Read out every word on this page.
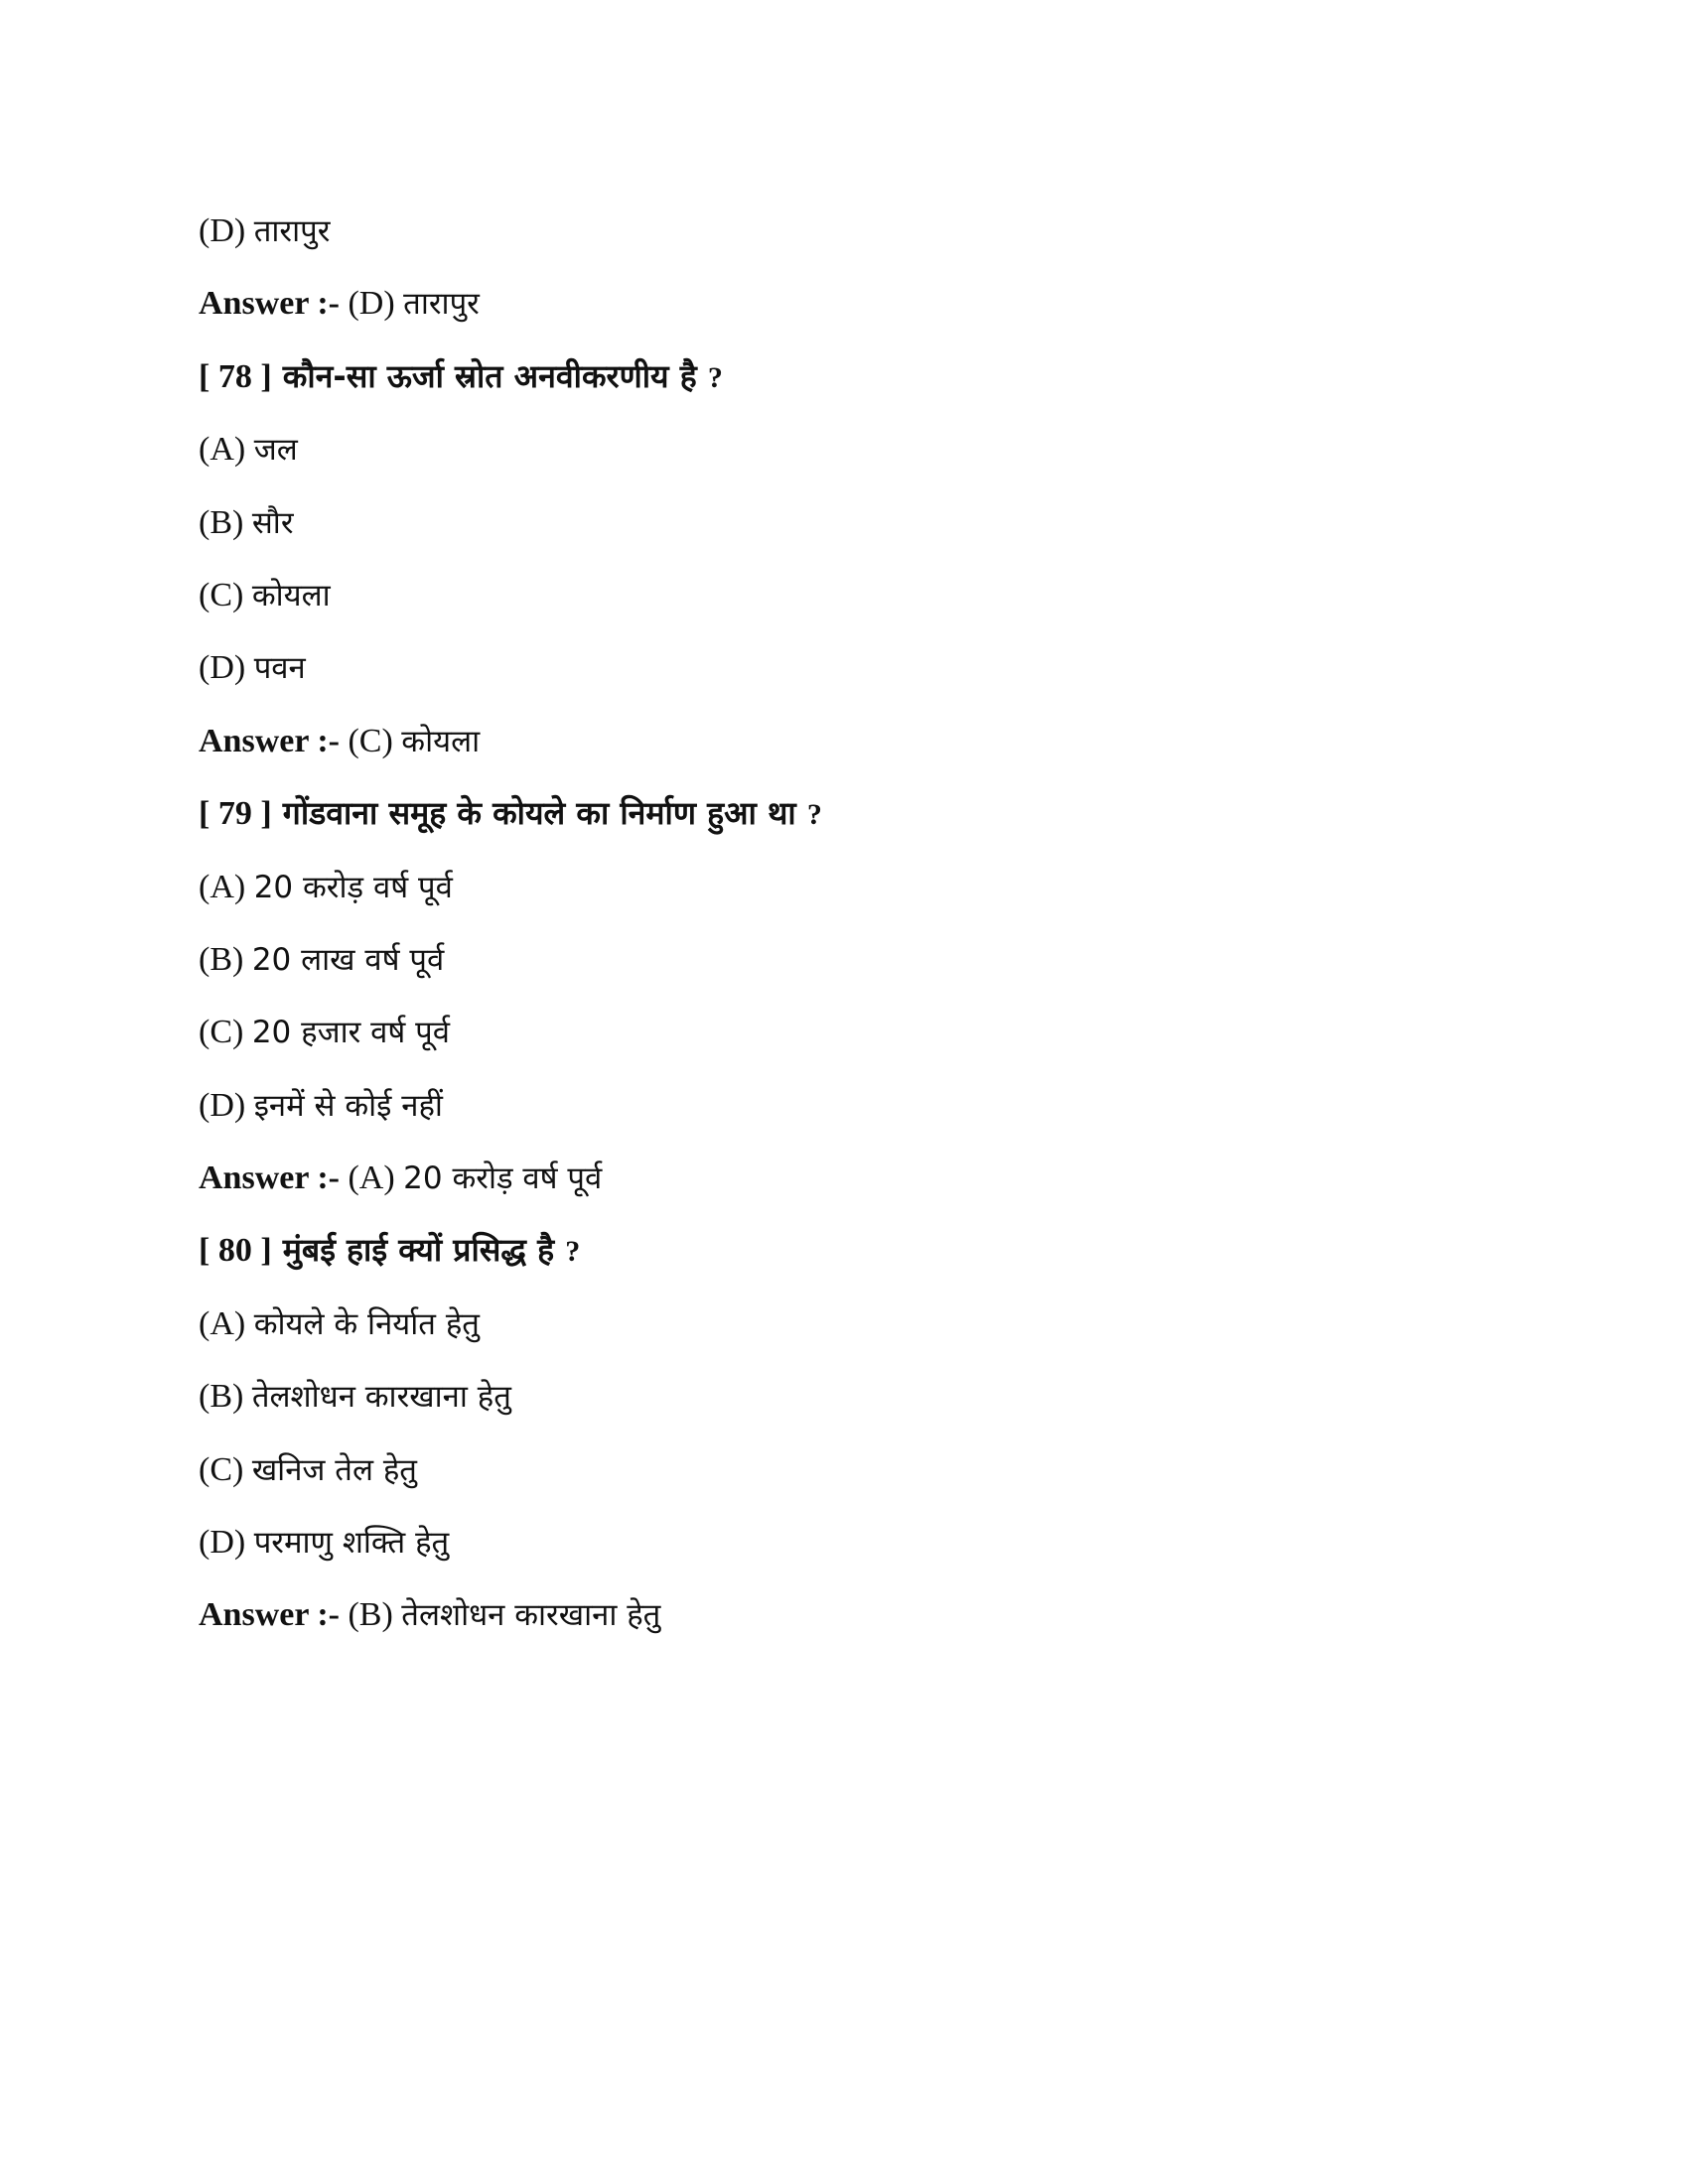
(D) तारापुर
Answer :- (D) तारापुर
[ 78 ] कौन-सा ऊर्जा स्रोत अनवीकरणीय है ?
(A) जल
(B) सौर
(C) कोयला
(D) पवन
Answer :- (C) कोयला
[ 79 ] गोंडवाना समूह के कोयले का निर्माण हुआ था ?
(A) 20 करोड़ वर्ष पूर्व
(B) 20 लाख वर्ष पूर्व
(C) 20 हजार वर्ष पूर्व
(D) इनमें से कोई नहीं
Answer :- (A) 20 करोड़ वर्ष पूर्व
[ 80 ] मुंबई हाई क्यों प्रसिद्ध है ?
(A) कोयले के निर्यात हेतु
(B) तेलशोधन कारखाना हेतु
(C) खनिज तेल हेतु
(D) परमाणु शक्ति हेतु
Answer :- (B) तेलशोधन कारखाना हेतु
